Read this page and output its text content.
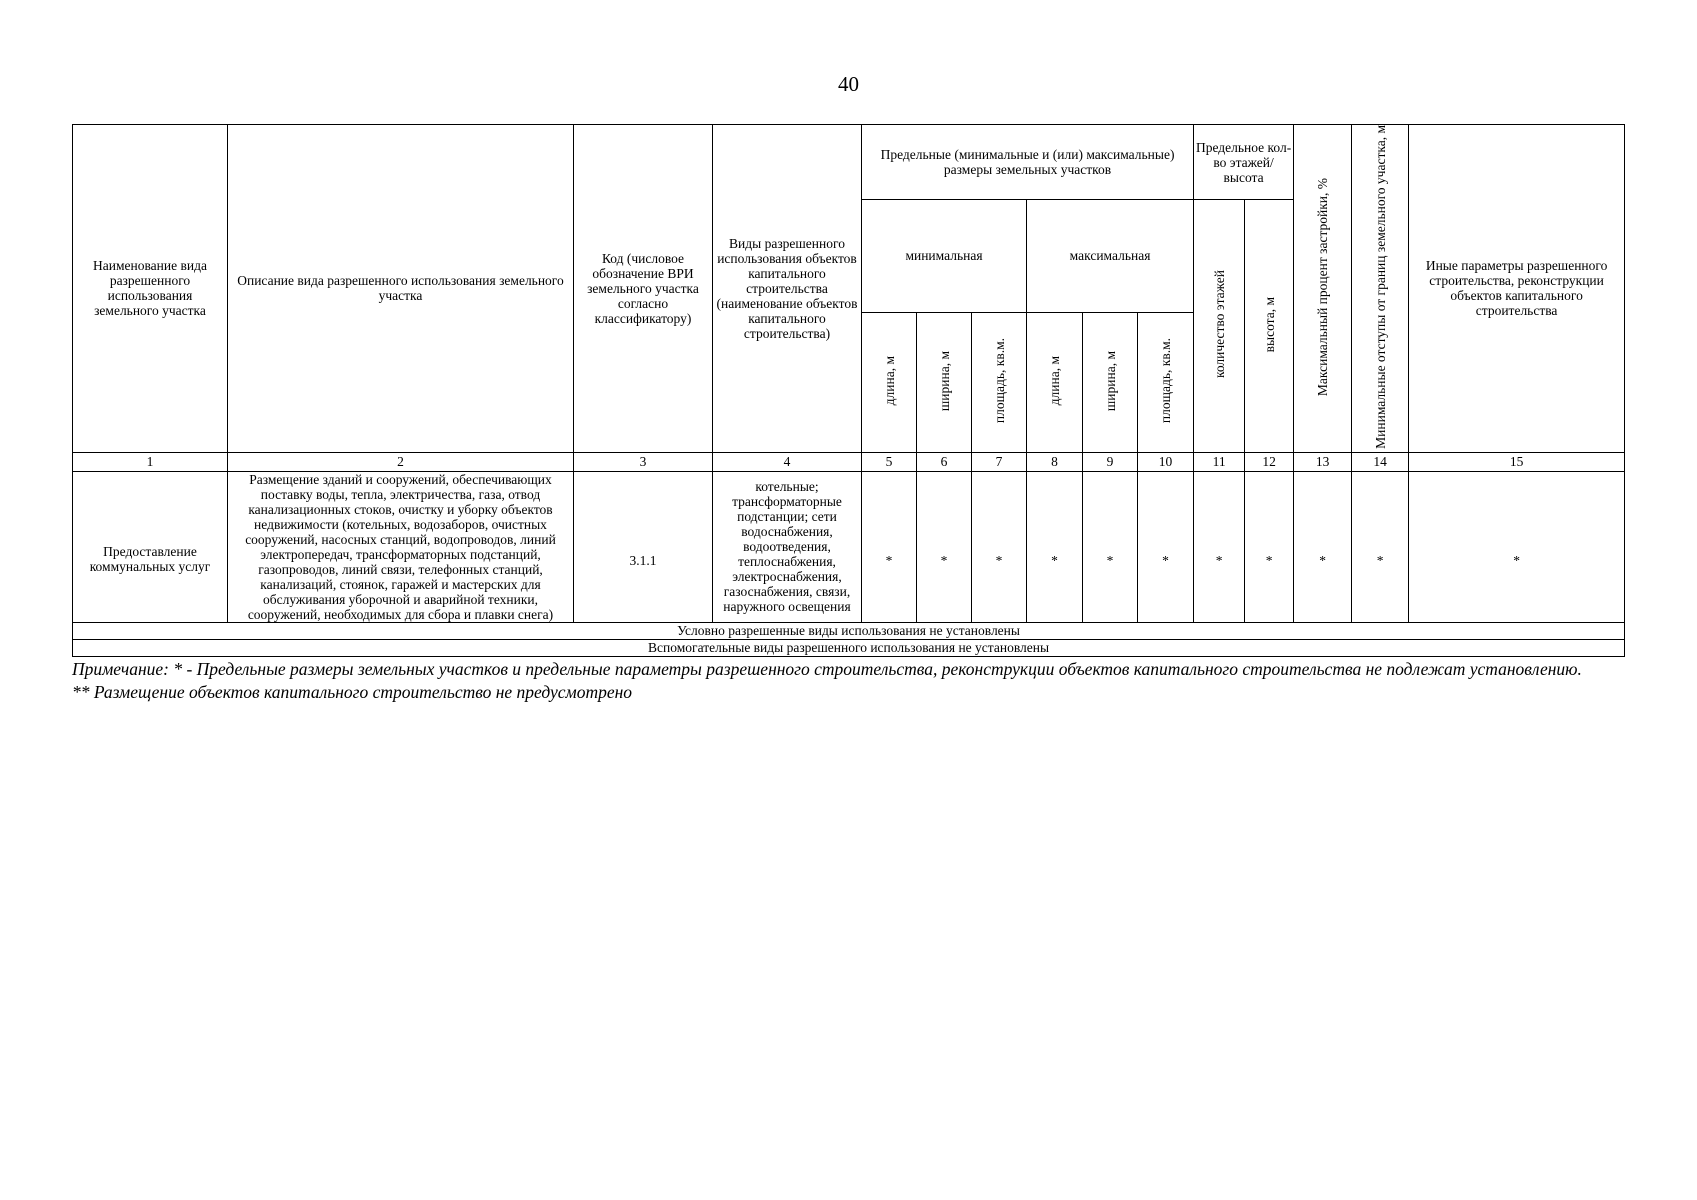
40
Наименование вида разрешенного использования земельного участка	Описание вида разрешенного использования земельного участка	Код (числовое обозначение ВРИ земельного участка согласно классификатору)	Виды разрешенного использования объектов капитального строительства (наименование объектов капитального строительства)	Предельные (минимальные и (или) максимальные) размеры земельных участков						Предельное кол-во этажей/ высота		Максимальный процент застройки, %	Минимальные отступы от границ земельного участка, м	Иные параметры разрешенного строительства, реконструкции объектов капитального строительства
				минимальная			максимальная			количество этажей	высота, м			
				длина, м	ширина, м	площадь, кв.м.	длина, м	ширина, м	площадь, кв.м.					
1	2	3	4	5	6	7	8	9	10	11	12	13	14	15
Предоставление коммунальных услуг	Размещение зданий и сооружений, обеспечивающих поставку воды, тепла, электричества, газа, отвод канализационных стоков, очистку и уборку объектов недвижимости (котельных, водозаборов, очистных сооружений, насосных станций, водопроводов, линий электропередач, трансформаторных подстанций, газопроводов, линий связи, телефонных станций, канализаций, стоянок, гаражей и мастерских для обслуживания уборочной и аварийной техники, сооружений, необходимых для сбора и плавки снега)	3.1.1	котельные; трансформаторные подстанции; сети водоснабжения, водоотведения, теплоснабжения, электроснабжения, газоснабжения, связи, наружного освещения	*	*	*	*	*	*	*	*	*	*	*
Условно разрешенные виды использования не установлены														
Вспомогательные виды разрешенного использования не установлены														

Примечание: * - Предельные размеры земельных участков и предельные параметры разрешенного строительства, реконструкции объектов капитального строительства не подлежат установлению.

** Размещение объектов капитального строительство не предусмотрено
